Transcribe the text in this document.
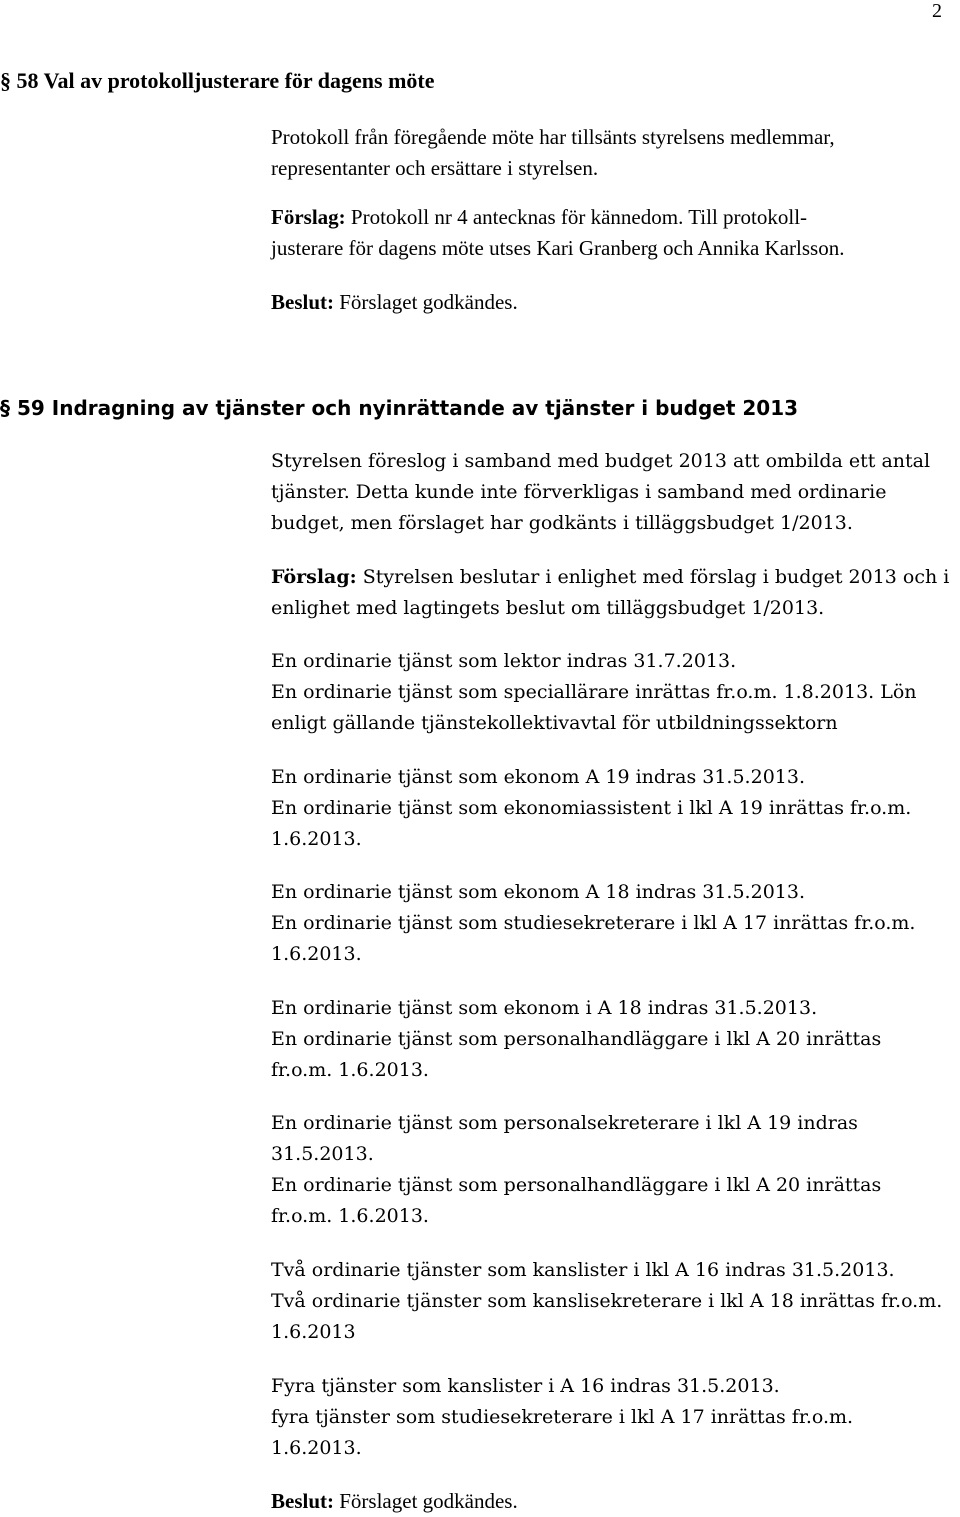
2
§ 58 Val av protokolljusterare för dagens möte
Protokoll från föregående möte har tillsänts styrelsens medlemmar,
representanter och ersättare i styrelsen.
Förslag: Protokoll nr 4 antecknas för kännedom. Till protokoll-
justerare för dagens möte utses Kari Granberg och Annika Karlsson.
Beslut: Förslaget godkändes.
§ 59 Indragning av tjänster och nyinrättande av tjänster i budget 2013
Styrelsen föreslog i samband med budget 2013 att ombilda ett antal
tjänster. Detta kunde inte förverkligas i samband med ordinarie
budget, men förslaget har godkänts i tilläggsbudget 1/2013.
Förslag: Styrelsen beslutar i enlighet med förslag i budget 2013 och i
enlighet med lagtingets beslut om tilläggsbudget 1/2013.
En ordinarie tjänst som lektor indras 31.7.2013.
En ordinarie tjänst som speciallärare inrättas fr.o.m. 1.8.2013. Lön
enligt gällande tjänstekollektivavtal för utbildningssektorn
En ordinarie tjänst som ekonom A 19 indras 31.5.2013.
En ordinarie tjänst som ekonomiassistent i lkl A 19 inrättas fr.o.m.
1.6.2013.
En ordinarie tjänst som ekonom A 18 indras 31.5.2013.
En ordinarie tjänst som studiesekreterare i lkl A 17 inrättas fr.o.m.
1.6.2013.
En ordinarie tjänst som ekonom i A 18 indras 31.5.2013.
En ordinarie tjänst som personalhandläggare i lkl A 20 inrättas
fr.o.m. 1.6.2013.
En ordinarie tjänst som personalsekreterare i lkl A 19 indras
31.5.2013.
En ordinarie tjänst som personalhandläggare i lkl A 20 inrättas
fr.o.m. 1.6.2013.
Två ordinarie tjänster som kanslister i lkl A 16 indras 31.5.2013.
Två ordinarie tjänster som kanslisekreterare i lkl A 18 inrättas fr.o.m.
1.6.2013
Fyra tjänster som kanslister i A 16 indras 31.5.2013.
fyra tjänster som studiesekreterare i lkl A 17 inrättas fr.o.m.
1.6.2013.
Beslut: Förslaget godkändes.
